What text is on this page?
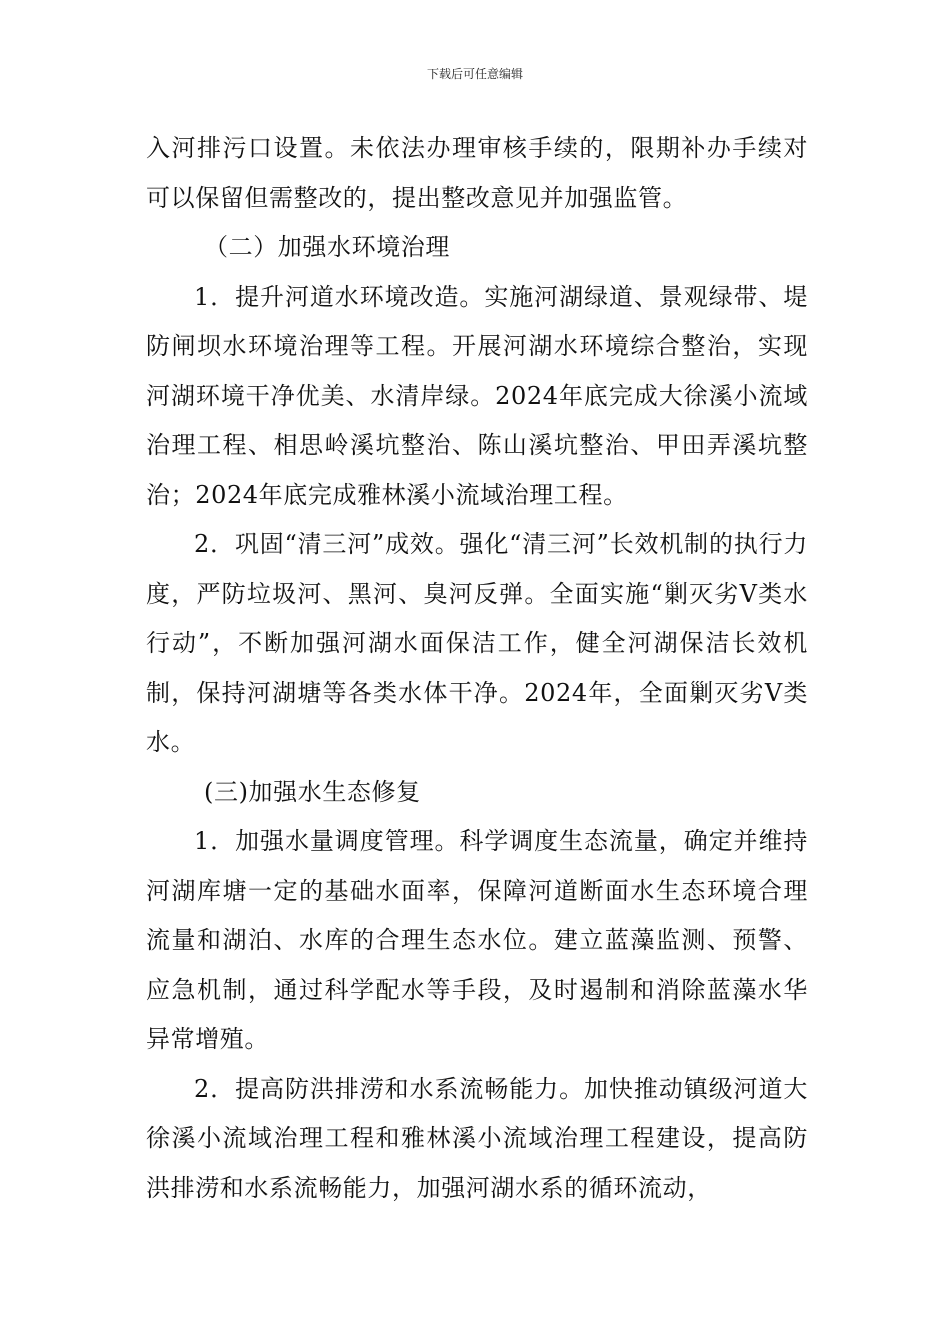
下载后可任意编辑

入河排污口设置。未依法办理审核手续的，限期补办手续对可以保留但需整改的，提出整改意见并加强监管。

（二）加强水环境治理

1．提升河道水环境改造。实施河湖绿道、景观绿带、堤防闸坝水环境治理等工程。开展河湖水环境综合整治，实现河湖环境干净优美、水清岸绿。2024年底完成大徐溪小流域治理工程、相思岭溪坑整治、陈山溪坑整治、甲田弄溪坑整治；2024年底完成雅林溪小流域治理工程。

2．巩固“清三河”成效。强化“清三河”长效机制的执行力度，严防垃圾河、黑河、臭河反弹。全面实施“剿灭劣Ⅴ类水行动”，不断加强河湖水面保洁工作，健全河湖保洁长效机制，保持河湖塘等各类水体干净。2024年，全面剿灭劣Ⅴ类水。

(三)加强水生态修复

1．加强水量调度管理。科学调度生态流量，确定并维持河湖库塘一定的基础水面率，保障河道断面水生态环境合理流量和湖泊、水库的合理生态水位。建立蓝藻监测、预警、应急机制，通过科学配水等手段，及时遏制和消除蓝藻水华异常增殖。

2．提高防洪排涝和水系流畅能力。加快推动镇级河道大徐溪小流域治理工程和雅林溪小流域治理工程建设，提高防洪排涝和水系流畅能力，加强河湖水系的循环流动，
